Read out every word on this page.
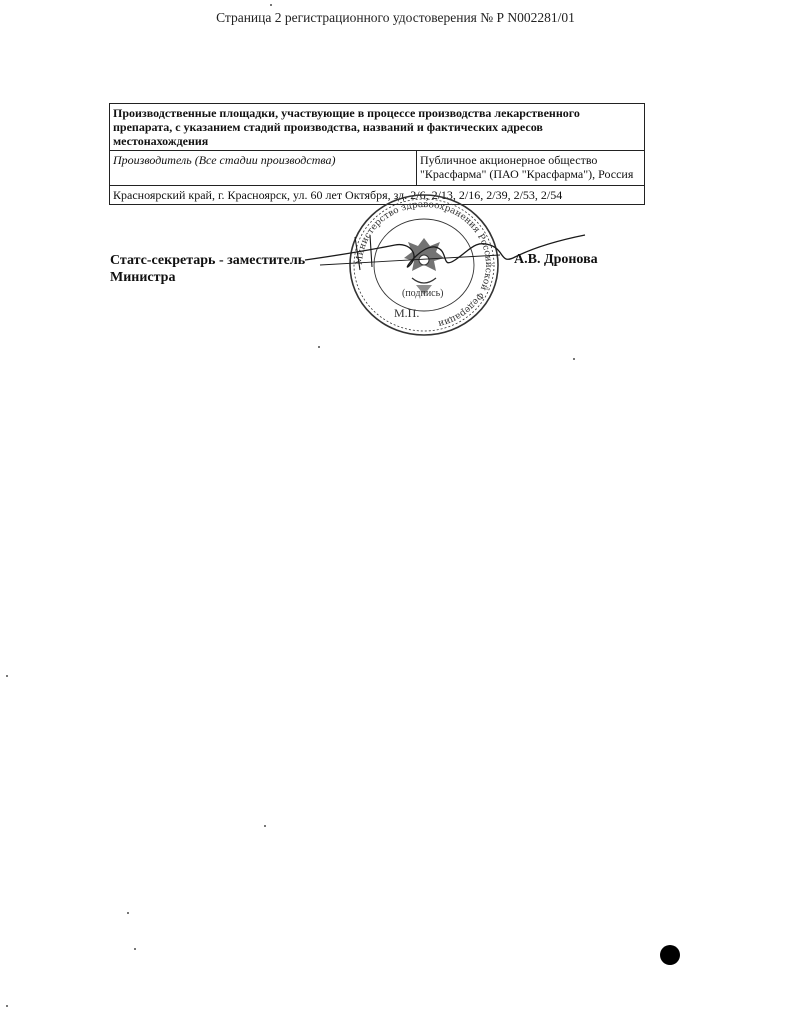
Страница 2 регистрационного удостоверения № Р N002281/01
Производственные площадки, участвующие в процессе производства лекарственного препарата, с указанием стадий производства, названий и фактических адресов местонахождения
Производитель (Все стадии производства)	Публичное акционерное общество "Красфарма" (ПАО "Красфарма"), Россия
Красноярский край, г. Красноярск, ул. 60 лет Октября, зд. 2/6, 2/13, 2/16, 2/39, 2/53, 2/54
Статс-секретарь - заместитель Министра
А.В. Дронова
Министерство здравоохранения Российской Федерации
(подпись)
М.П.
